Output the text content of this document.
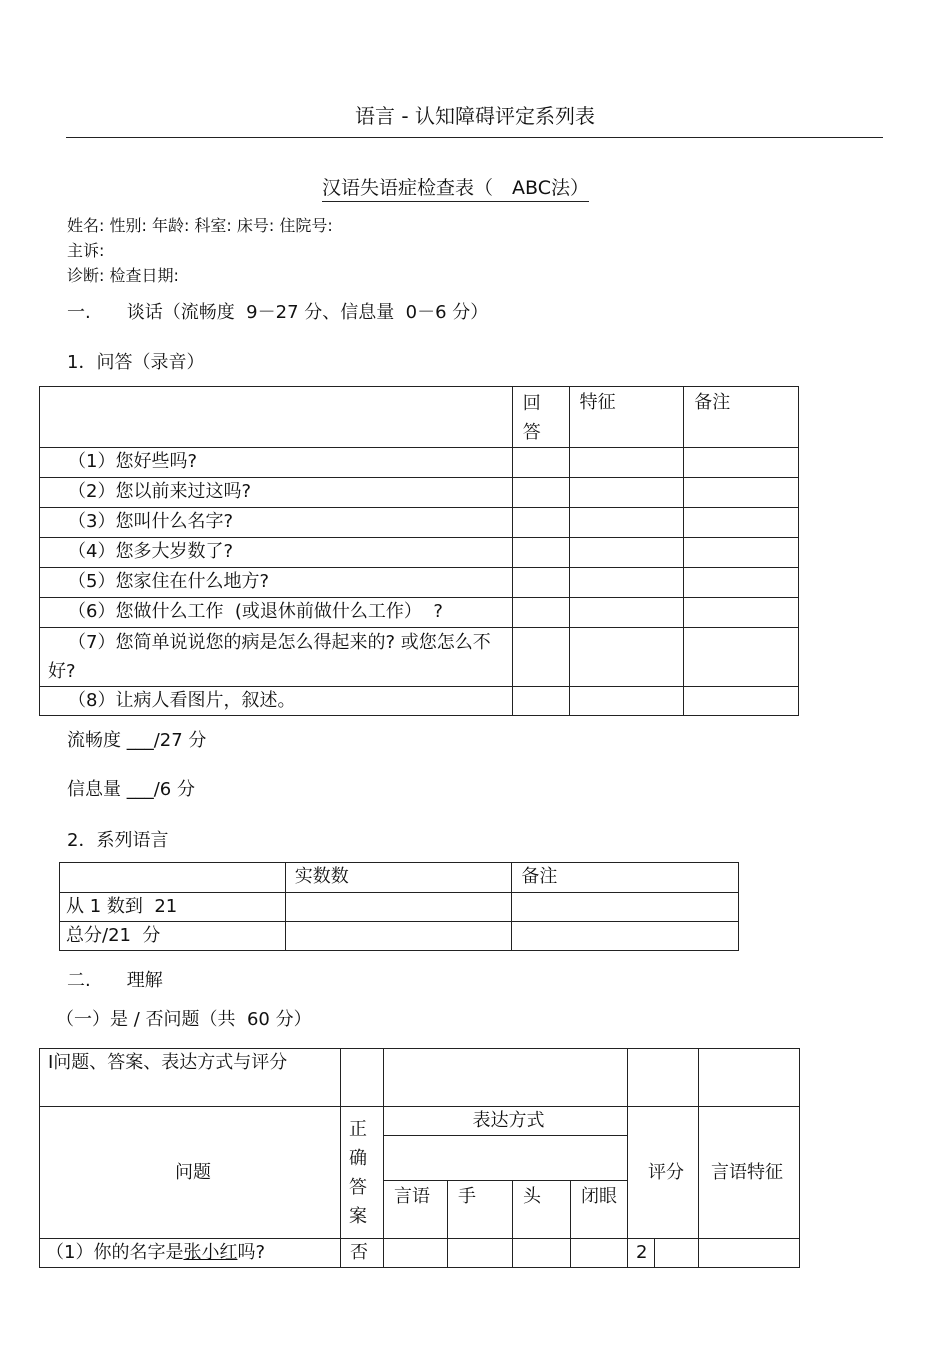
语言 - 认知障碍评定系列表
汉语失语症检查表（　ABC法）
姓名: 性别: 年龄: 科室: 床号: 住院号:
主诉:
诊断: 检查日期:
一.　　谈话（流畅度  9－27 分、信息量  0－6 分）
1．问答（录音）
	回答	特征	备注
（1）您好些吗?			
（2）您以前来过这吗?			
（3）您叫什么名字?			
（4）您多大岁数了?			
（5）您家住在什么地方?			
（6）您做什么工作  (或退休前做什么工作）  ?			
（7）您简单说说您的病是怎么得起来的? 或您怎么不好?			
（8）让病人看图片，叙述。			
流畅度 ___/27 分
信息量 ___/6 分
2．系列语言
	实数数	备注
从 1 数到  21		
总分/21  分		
二.　　理解
（一）是 / 否问题（共  60 分）
Ⅰ问题、答案、表达方式与评分								
问题	正确答案	表达方式				评分		言语特征

		言语	手	头	闭眼			
（1）你的名字是张小红吗?	否					2		
